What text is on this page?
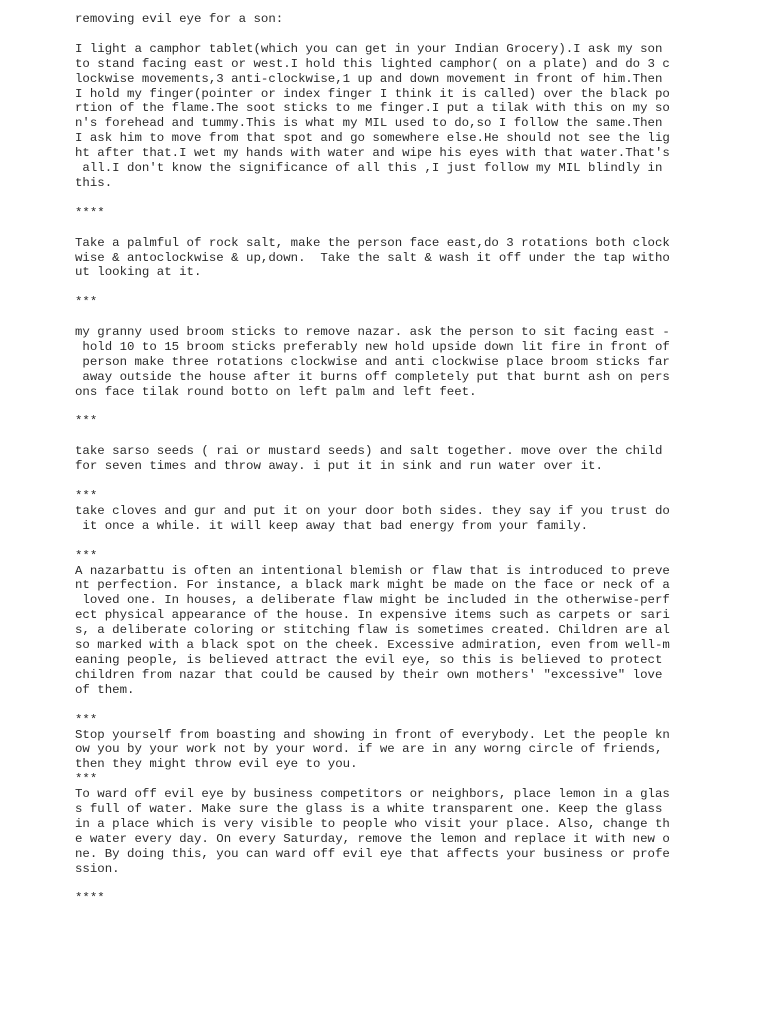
removing evil eye for a son:

I light a camphor tablet(which you can get in your Indian Grocery).I ask my son
to stand facing east or west.I hold this lighted camphor( on a plate) and do 3 c
lockwise movements,3 anti-clockwise,1 up and down movement in front of him.Then
I hold my finger(pointer or index finger I think it is called) over the black po
rtion of the flame.The soot sticks to me finger.I put a tilak with this on my so
n's forehead and tummy.This is what my MIL used to do,so I follow the same.Then
I ask him to move from that spot and go somewhere else.He should not see the lig
ht after that.I wet my hands with water and wipe his eyes with that water.That's
all.I don't know the significance of all this ,I just follow my MIL blindly in
this.

****

Take a palmful of rock salt, make the person face east,do 3 rotations both clock
wise & antoclockwise & up,down.  Take the salt & wash it off under the tap witho
ut looking at it.

***

my granny used broom sticks to remove nazar. ask the person to sit facing east -
hold 10 to 15 broom sticks preferably new hold upside down lit fire in front of
person make three rotations clockwise and anti clockwise place broom sticks far
away outside the house after it burns off completely put that burnt ash on pers
ons face tilak round botto on left palm and left feet.

***

take sarso seeds ( rai or mustard seeds) and salt together. move over the child
for seven times and throw away. i put it in sink and run water over it.

***
take cloves and gur and put it on your door both sides. they say if you trust do
it once a while. it will keep away that bad energy from your family.

***
A nazarbattu is often an intentional blemish or flaw that is introduced to preve
nt perfection. For instance, a black mark might be made on the face or neck of a
loved one. In houses, a deliberate flaw might be included in the otherwise-perf
ect physical appearance of the house. In expensive items such as carpets or sari
s, a deliberate coloring or stitching flaw is sometimes created. Children are al
so marked with a black spot on the cheek. Excessive admiration, even from well-m
eaning people, is believed attract the evil eye, so this is believed to protect
children from nazar that could be caused by their own mothers' "excessive" love
of them.

***
Stop yourself from boasting and showing in front of everybody. Let the people kn
ow you by your work not by your word. if we are in any worng circle of friends,
then they might throw evil eye to you.
***
To ward off evil eye by business competitors or neighbors, place lemon in a glas
s full of water. Make sure the glass is a white transparent one. Keep the glass
in a place which is very visible to people who visit your place. Also, change th
e water every day. On every Saturday, remove the lemon and replace it with new o
ne. By doing this, you can ward off evil eye that affects your business or profe
ssion.

****
